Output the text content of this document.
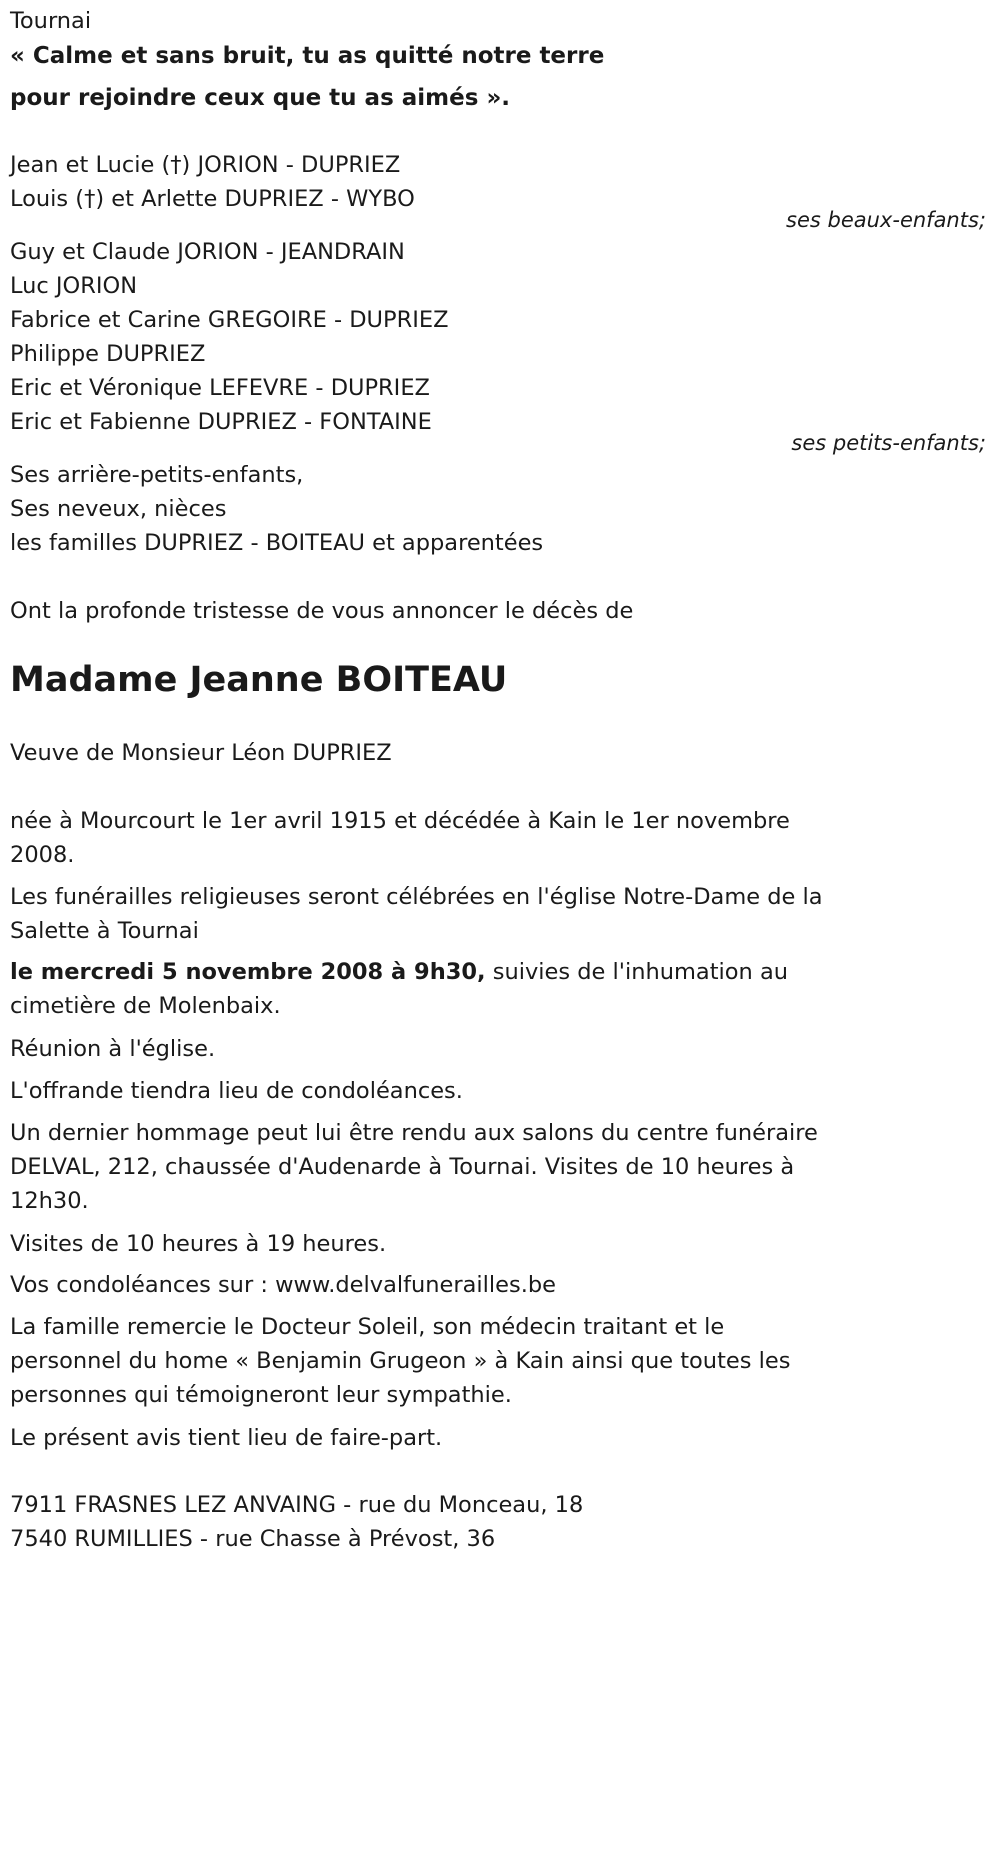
Tournai
« Calme et sans bruit, tu as quitté notre terre
pour rejoindre ceux que tu as aimés ».
Jean et Lucie (†) JORION - DUPRIEZ
Louis (†) et Arlette DUPRIEZ - WYBO
ses beaux-enfants;
Guy et Claude JORION - JEANDRAIN
Luc JORION
Fabrice et Carine GREGOIRE - DUPRIEZ
Philippe DUPRIEZ
Eric et Véronique LEFEVRE - DUPRIEZ
Eric et Fabienne DUPRIEZ - FONTAINE
ses petits-enfants;
Ses arrière-petits-enfants,
Ses neveux, nièces
les familles DUPRIEZ - BOITEAU et apparentées
Ont la profonde tristesse de vous annoncer le décès de
Madame Jeanne BOITEAU
Veuve de Monsieur Léon DUPRIEZ
née à Mourcourt le 1er avril 1915 et décédée à Kain le 1er novembre
2008.
Les funérailles religieuses seront célébrées en l'église Notre-Dame de la
Salette à Tournai
le mercredi 5 novembre 2008 à 9h30, suivies de l'inhumation au
cimetière de Molenbaix.
Réunion à l'église.
L'offrande tiendra lieu de condoléances.
Un dernier hommage peut lui être rendu aux salons du centre funéraire
DELVAL, 212, chaussée d'Audenarde à Tournai. Visites de 10 heures à
12h30.
Visites de 10 heures à 19 heures.
Vos condoléances sur : www.delvalfunerailles.be
La famille remercie le Docteur Soleil, son médecin traitant et le
personnel du home « Benjamin Grugeon » à Kain ainsi que toutes les
personnes qui témoigneront leur sympathie.
Le présent avis tient lieu de faire-part.
7911 FRASNES LEZ ANVAING - rue du Monceau, 18
7540 RUMILLIES - rue Chasse à Prévost, 36
